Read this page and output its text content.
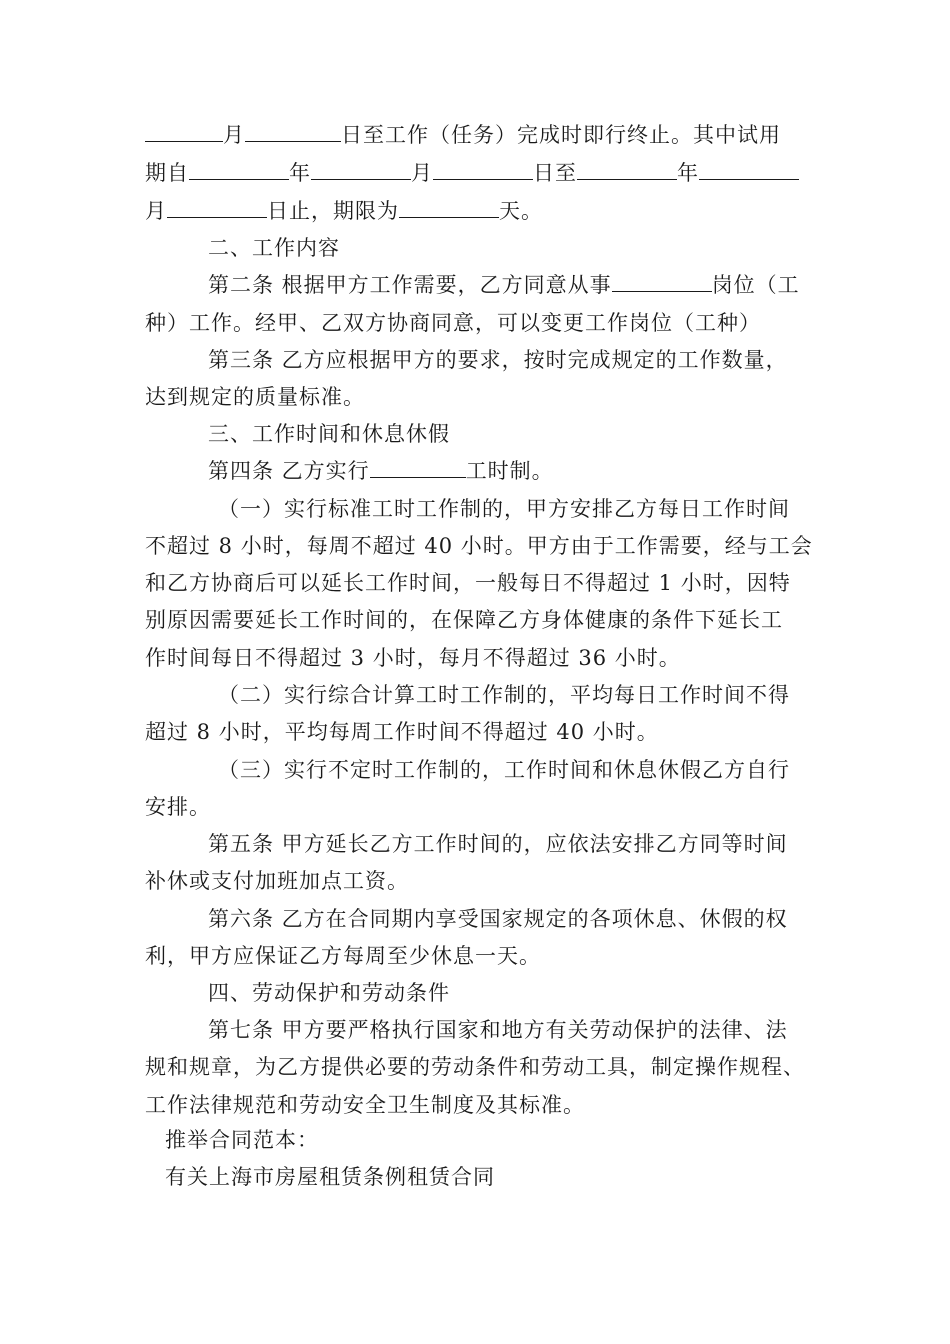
月	日至工作（任务）完成时即行终止。其中试用
期自	年	月	日至	年
月	日止，期限为	天。
二、工作内容
第二条 根据甲方工作需要，乙方同意从事	岗位（工
种）工作。经甲、乙双方协商同意，可以变更工作岗位（工种）
第三条 乙方应根据甲方的要求，按时完成规定的工作数量，
达到规定的质量标准。
三、工作时间和休息休假
第四条 乙方实行	工时制。
（一）实行标准工时工作制的，甲方安排乙方每日工作时间
不超过 8 小时，每周不超过 40 小时。甲方由于工作需要，经与工会
和乙方协商后可以延长工作时间，一般每日不得超过 1 小时，因特
别原因需要延长工作时间的，在保障乙方身体健康的条件下延长工
作时间每日不得超过 3 小时，每月不得超过 36 小时。
（二）实行综合计算工时工作制的，平均每日工作时间不得
超过 8 小时，平均每周工作时间不得超过 40 小时。
（三）实行不定时工作制的，工作时间和休息休假乙方自行
安排。
第五条 甲方延长乙方工作时间的，应依法安排乙方同等时间
补休或支付加班加点工资。
第六条 乙方在合同期内享受国家规定的各项休息、休假的权
利，甲方应保证乙方每周至少休息一天。
四、劳动保护和劳动条件
第七条 甲方要严格执行国家和地方有关劳动保护的法律、法
规和规章，为乙方提供必要的劳动条件和劳动工具，制定操作规程、
工作法律规范和劳动安全卫生制度及其标准。
推举合同范本：
有关上海市房屋租赁条例租赁合同
